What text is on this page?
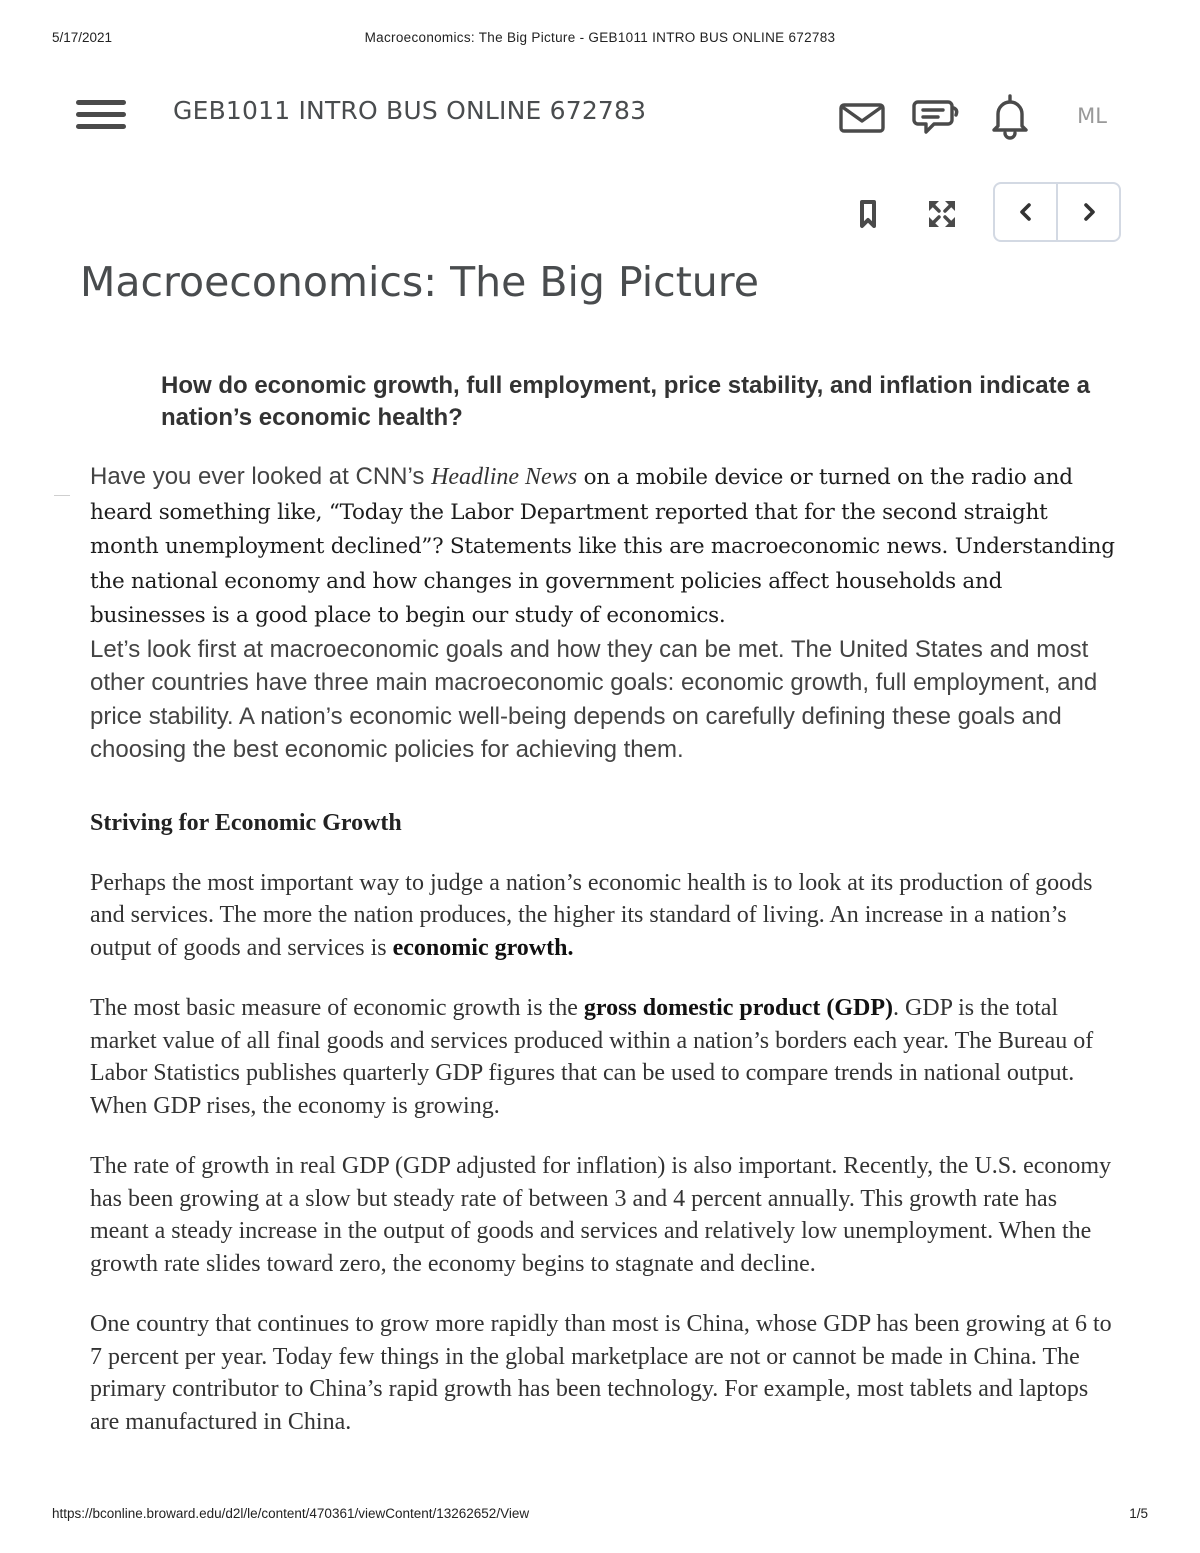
5/17/2021	Macroeconomics: The Big Picture - GEB1011 INTRO BUS ONLINE 672783
GEB1011 INTRO BUS ONLINE 672783	ML
Macroeconomics: The Big Picture

How do economic growth, full employment, price stability, and inflation indicate a nation’s economic health?

Have you ever looked at CNN’s Headline News on a mobile device or turned on the radio and heard something like, “Today the Labor Department reported that for the second straight month unemployment declined”? Statements like this are macroeconomic news. Understanding the national economy and how changes in government policies affect households and businesses is a good place to begin our study of economics.

Let’s look first at macroeconomic goals and how they can be met. The United States and most other countries have three main macroeconomic goals: economic growth, full employment, and price stability. A nation’s economic well-being depends on carefully defining these goals and choosing the best economic policies for achieving them.

Striving for Economic Growth

Perhaps the most important way to judge a nation’s economic health is to look at its production of goods and services. The more the nation produces, the higher its standard of living. An increase in a nation’s output of goods and services is economic growth.

The most basic measure of economic growth is the gross domestic product (GDP). GDP is the total market value of all final goods and services produced within a nation’s borders each year. The Bureau of Labor Statistics publishes quarterly GDP figures that can be used to compare trends in national output. When GDP rises, the economy is growing.

The rate of growth in real GDP (GDP adjusted for inflation) is also important. Recently, the U.S. economy has been growing at a slow but steady rate of between 3 and 4 percent annually. This growth rate has meant a steady increase in the output of goods and services and relatively low unemployment. When the growth rate slides toward zero, the economy begins to stagnate and decline.

One country that continues to grow more rapidly than most is China, whose GDP has been growing at 6 to 7 percent per year. Today few things in the global marketplace are not or cannot be made in China. The primary contributor to China’s rapid growth has been technology. For example, most tablets and laptops are manufactured in China.

https://bconline.broward.edu/d2l/le/content/470361/viewContent/13262652/View	1/5
